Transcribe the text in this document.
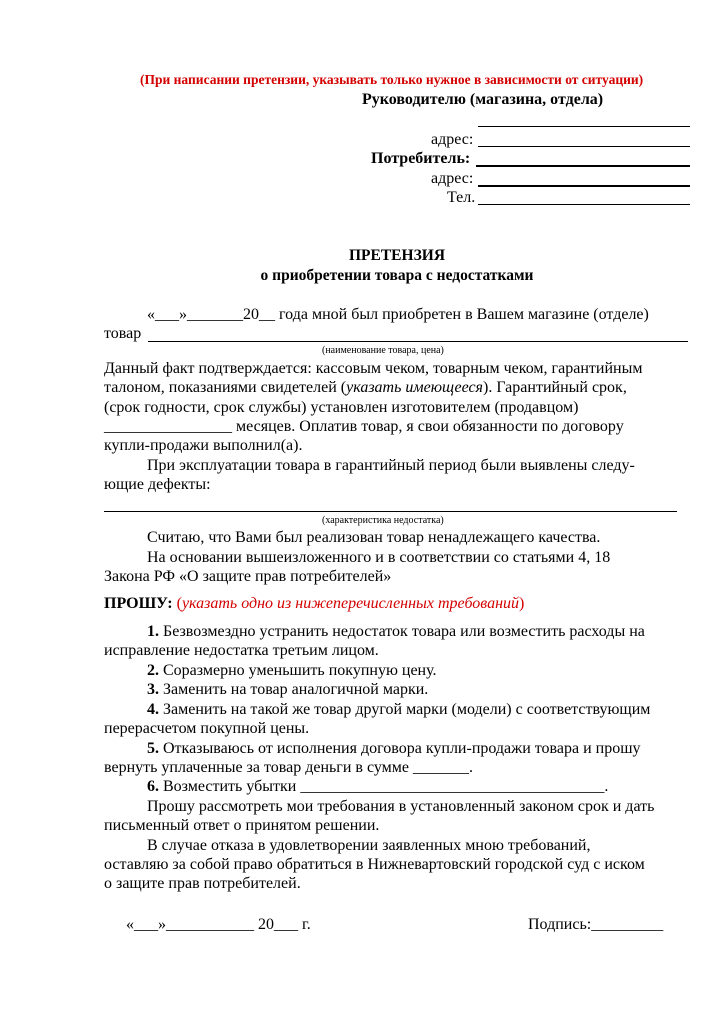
(При написании претензии, указывать только нужное в зависимости от ситуации)
Руководителю (магазина, отдела)
адрес:
Потребитель:
адрес:
Тел.
ПРЕТЕНЗИЯ
о приобретении товара с недостатками
«___»_______20__ года мной был приобретен в Вашем магазине (отделе)
товар
(наименование товара, цена)
Данный факт подтверждается: кассовым чеком, товарным чеком, гарантийным
талоном, показаниями свидетелей (указать имеющееся). Гарантийный срок,
(срок годности, срок службы) установлен изготовителем (продавцом)
________________ месяцев. Оплатив товар, я свои обязанности по договору
купли-продажи выполнил(а).
При эксплуатации товара в гарантийный период были выявлены следу-
ющие дефекты:
(характеристика недостатка)
Считаю, что Вами был реализован товар ненадлежащего качества.
На основании вышеизложенного и в соответствии со статьями 4, 18
Закона РФ «О защите прав потребителей»
ПРОШУ: (указать одно из нижеперечисленных требований)
1. Безвозмездно устранить недостаток товара или возместить расходы на
исправление недостатка третьим лицом.
2. Соразмерно уменьшить покупную цену.
3. Заменить на товар аналогичной марки.
4. Заменить на такой же товар другой марки (модели) с соответствующим
перерасчетом покупной цены.
5. Отказываюсь от исполнения договора купли-продажи товара и прошу
вернуть уплаченные за товар деньги в сумме _______.
6. Возместить убытки ______________________________________.
Прошу рассмотреть мои требования в установленный законом срок и дать
письменный ответ о принятом решении.
В случае отказа в удовлетворении заявленных мною требований,
оставляю за собой право обратиться в Нижневартовский городской суд с иском
о защите прав потребителей.
«___»___________ 20___ г.	Подпись:_________
